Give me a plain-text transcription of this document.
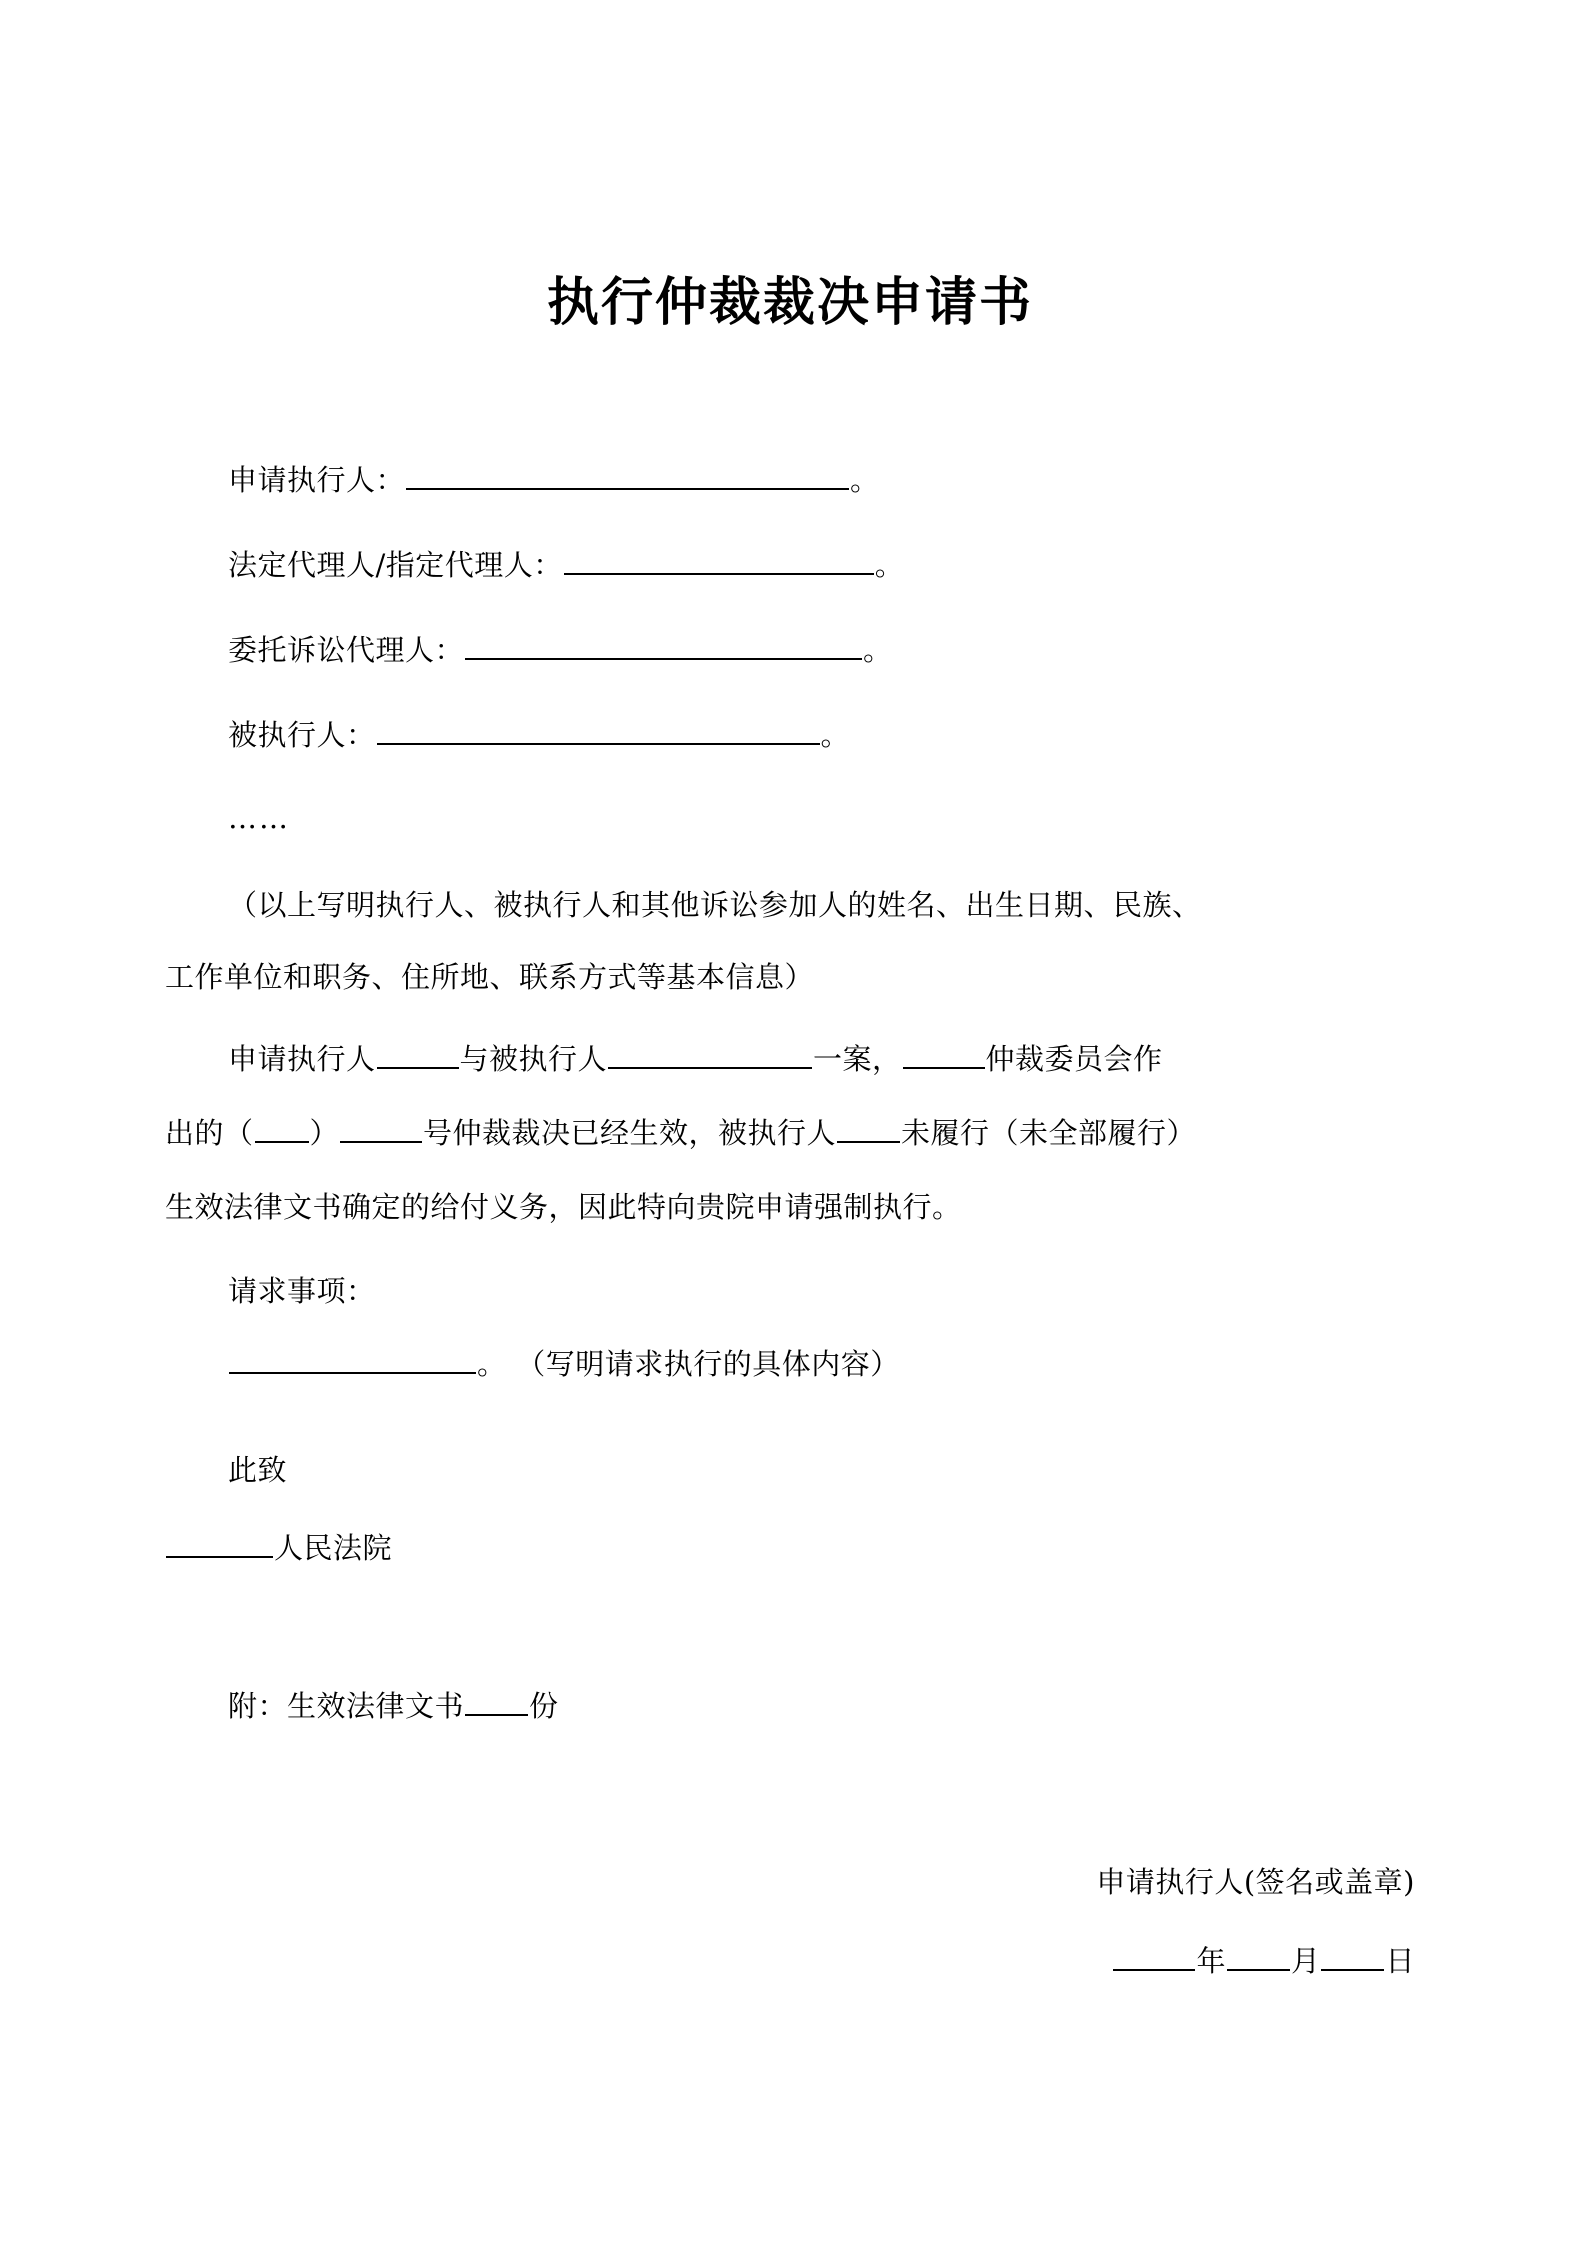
执行仲裁裁决申请书
申请执行人：	。
法定代理人/指定代理人：	。
委托诉讼代理人：	。
被执行人：	。
……
（以上写明执行人、被执行人和其他诉讼参加人的姓名、出生日期、民族、
工作单位和职务、住所地、联系方式等基本信息）
申请执行人	与被执行人	一案，	仲裁委员会作
出的（ ）	号仲裁裁决已经生效，被执行人 未履行（未全部履行）
生效法律文书确定的给付义务，因此特向贵院申请强制执行。
请求事项：
。 （写明请求执行的具体内容）
此致
人民法院
附：生效法律文书 份
申请执行人(签名或盖章)
年 月 日
